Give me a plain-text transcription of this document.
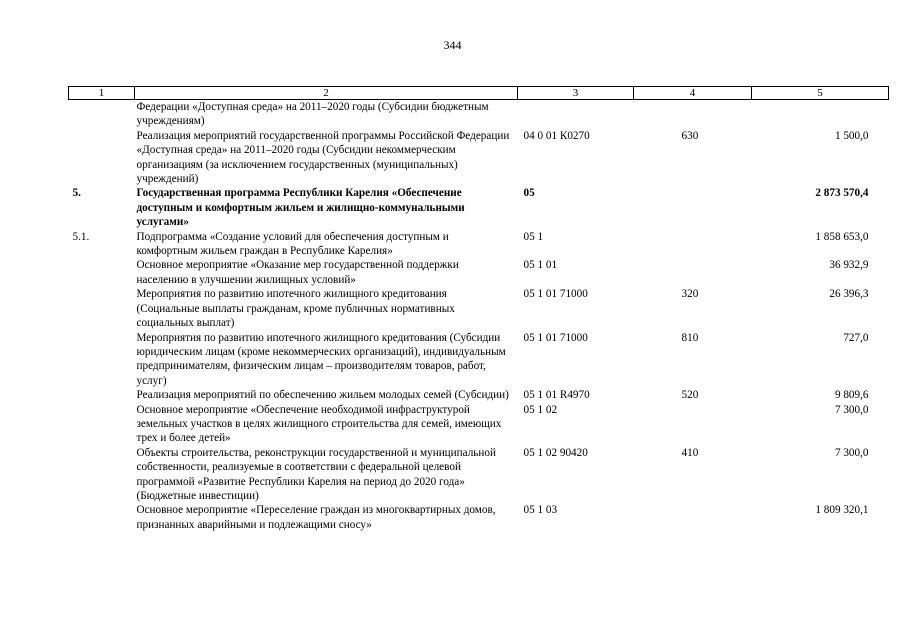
344
1	2	3	4	5
	Федерации «Доступная среда» на 2011–2020 годы (Субсидии бюджетным учреждениям)			
	Реализация мероприятий государственной программы Российской Федерации «Доступная среда» на 2011–2020 годы (Субсидии некоммерческим организациям (за исключением государственных (муниципальных) учреждений)	04 0 01 К0270	630	1 500,0
5.	Государственная программа Республики Карелия «Обеспечение доступным и комфортным жильем и жилищно-коммунальными услугами»	05		2 873 570,4
5.1.	Подпрограмма «Создание условий для обеспечения доступным и комфортным жильем граждан в Республике Карелия»	05 1		1 858 653,0
	Основное мероприятие «Оказание мер государственной поддержки населению в улучшении жилищных условий»	05 1 01		36 932,9
	Мероприятия по развитию ипотечного жилищного кредитования (Социальные выплаты гражданам, кроме публичных нормативных социальных выплат)	05 1 01 71000	320	26 396,3
	Мероприятия по развитию ипотечного жилищного кредитования (Субсидии юридическим лицам (кроме некоммерческих организаций), индивидуальным предпринимателям, физическим лицам – производителям товаров, работ, услуг)	05 1 01 71000	810	727,0
	Реализация мероприятий по обеспечению жильем молодых семей (Субсидии)	05 1 01 R4970	520	9 809,6
	Основное мероприятие «Обеспечение необходимой инфраструктурой земельных участков в целях жилищного строительства для семей, имеющих трех и более детей»	05 1 02		7 300,0
	Объекты строительства, реконструкции государственной и муниципальной собственности, реализуемые в соответствии с федеральной целевой программой «Развитие Республики Карелия на период до 2020 года» (Бюджетные инвестиции)	05 1 02 90420	410	7 300,0
	Основное мероприятие «Переселение граждан из многоквартирных домов, признанных аварийными и подлежащими сносу»	05 1 03		1 809 320,1
